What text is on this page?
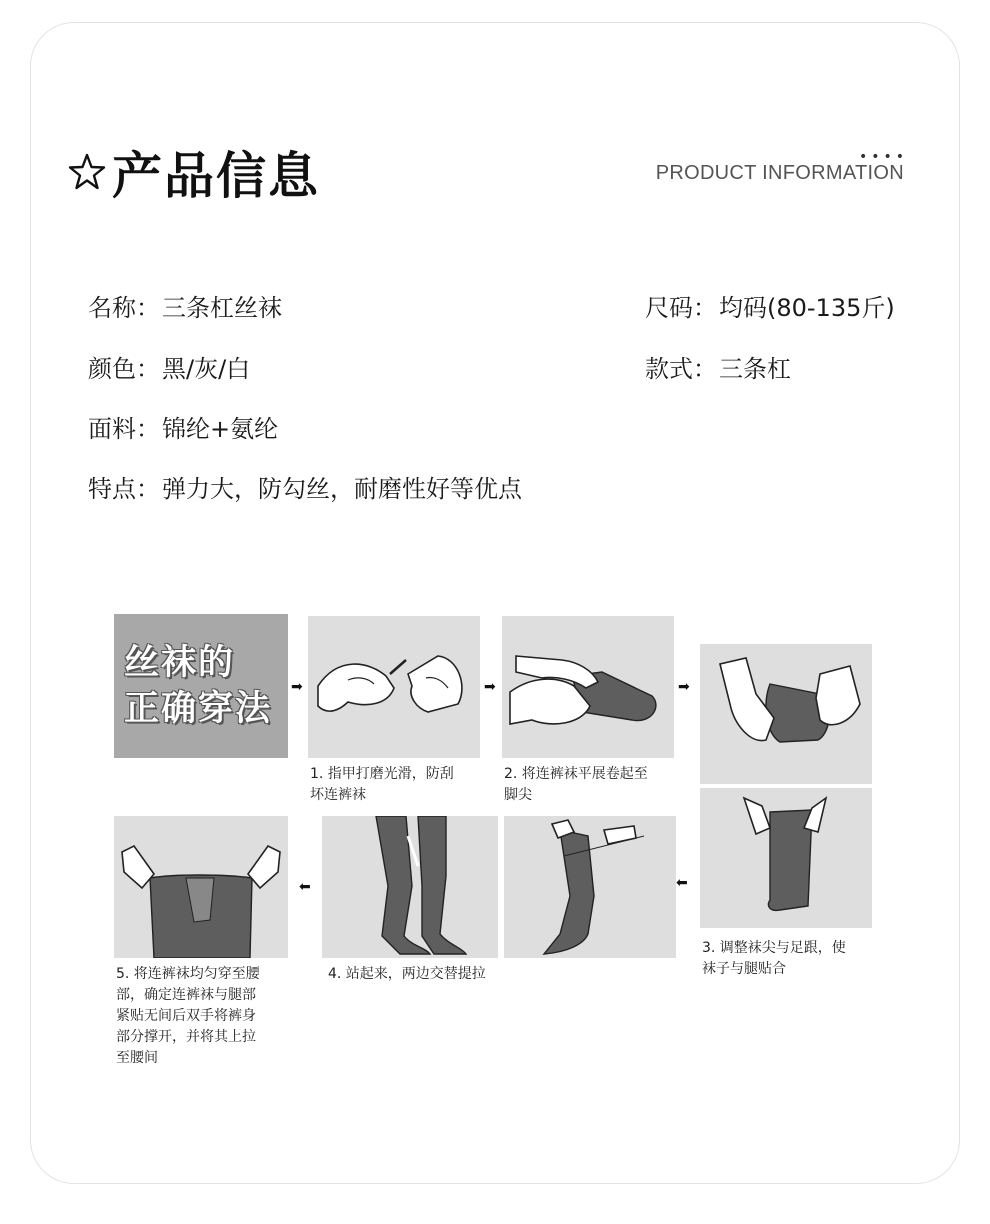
产品信息	••••
PRODUCT INFORMATION
名称：三条杠丝袜	尺码：均码(80-135斤)
颜色：黑/灰/白	款式：三条杠
面料：锦纶+氨纶
特点：弹力大，防勾丝，耐磨性好等优点
丝袜的
正确穿法
1. 指甲打磨光滑，防刮
坏连裤袜
2. 将连裤袜平展卷起至
脚尖
3. 调整袜尖与足跟，使
袜子与腿贴合
4. 站起来，两边交替提拉
5. 将连裤袜均匀穿至腰
部，确定连裤袜与腿部
紧贴无间后双手将裤身
部分撑开，并将其上拉
至腰间
➡	➡	➡
⬅
⬅
